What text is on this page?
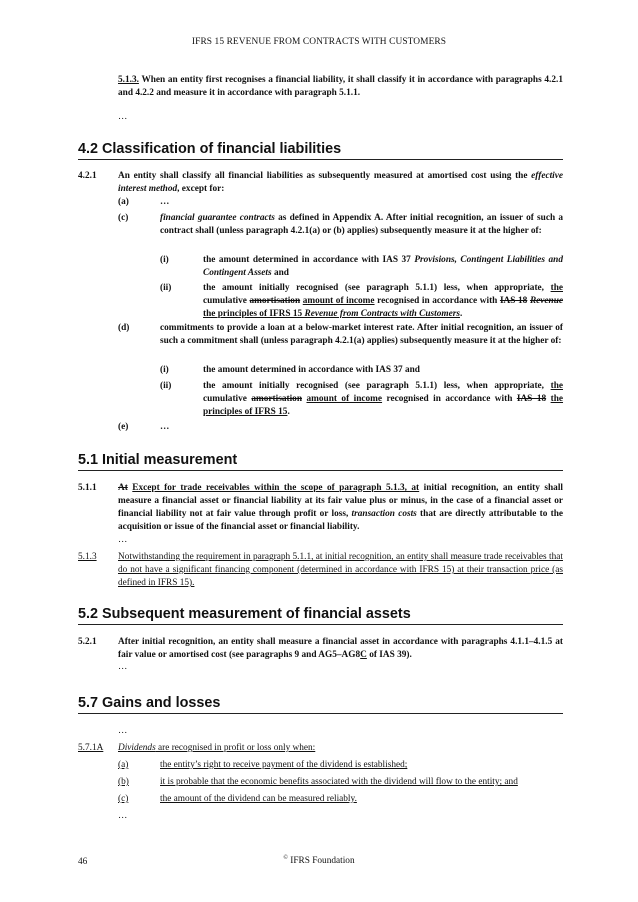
IFRS 15 REVENUE FROM CONTRACTS WITH CUSTOMERS
5.1.3. When an entity first recognises a financial liability, it shall classify it in accordance with paragraphs 4.2.1 and 4.2.2 and measure it in accordance with paragraph 5.1.1.
…
4.2 Classification of financial liabilities
4.2.1 An entity shall classify all financial liabilities as subsequently measured at amortised cost using the effective interest method, except for:
(a)	…
(c)	financial guarantee contracts as defined in Appendix A. After initial recognition, an issuer of such a contract shall (unless paragraph 4.2.1(a) or (b) applies) subsequently measure it at the higher of:
(i)	the amount determined in accordance with IAS 37 Provisions, Contingent Liabilities and Contingent Assets and
(ii)	the amount initially recognised (see paragraph 5.1.1) less, when appropriate, the cumulative amortisation amount of income recognised in accordance with IAS 18 Revenue the principles of IFRS 15 Revenue from Contracts with Customers.
(d)	commitments to provide a loan at a below-market interest rate. After initial recognition, an issuer of such a commitment shall (unless paragraph 4.2.1(a) applies) subsequently measure it at the higher of:
(i)	the amount determined in accordance with IAS 37 and
(ii)	the amount initially recognised (see paragraph 5.1.1) less, when appropriate, the cumulative amortisation amount of income recognised in accordance with IAS 18 the principles of IFRS 15.
(e)	…
5.1 Initial measurement
5.1.1 At Except for trade receivables within the scope of paragraph 5.1.3, at initial recognition, an entity shall measure a financial asset or financial liability at its fair value plus or minus, in the case of a financial asset or financial liability not at fair value through profit or loss, transaction costs that are directly attributable to the acquisition or issue of the financial asset or financial liability.
…
5.1.3 Notwithstanding the requirement in paragraph 5.1.1, at initial recognition, an entity shall measure trade receivables that do not have a significant financing component (determined in accordance with IFRS 15) at their transaction price (as defined in IFRS 15).
5.2 Subsequent measurement of financial assets
5.2.1 After initial recognition, an entity shall measure a financial asset in accordance with paragraphs 4.1.1–4.1.5 at fair value or amortised cost (see paragraphs 9 and AG5–AG8C of IAS 39).
…
5.7 Gains and losses
…
5.7.1A Dividends are recognised in profit or loss only when:
(a)	the entity’s right to receive payment of the dividend is established;
(b)	it is probable that the economic benefits associated with the dividend will flow to the entity; and
(c)	the amount of the dividend can be measured reliably.
…
46	© IFRS Foundation
